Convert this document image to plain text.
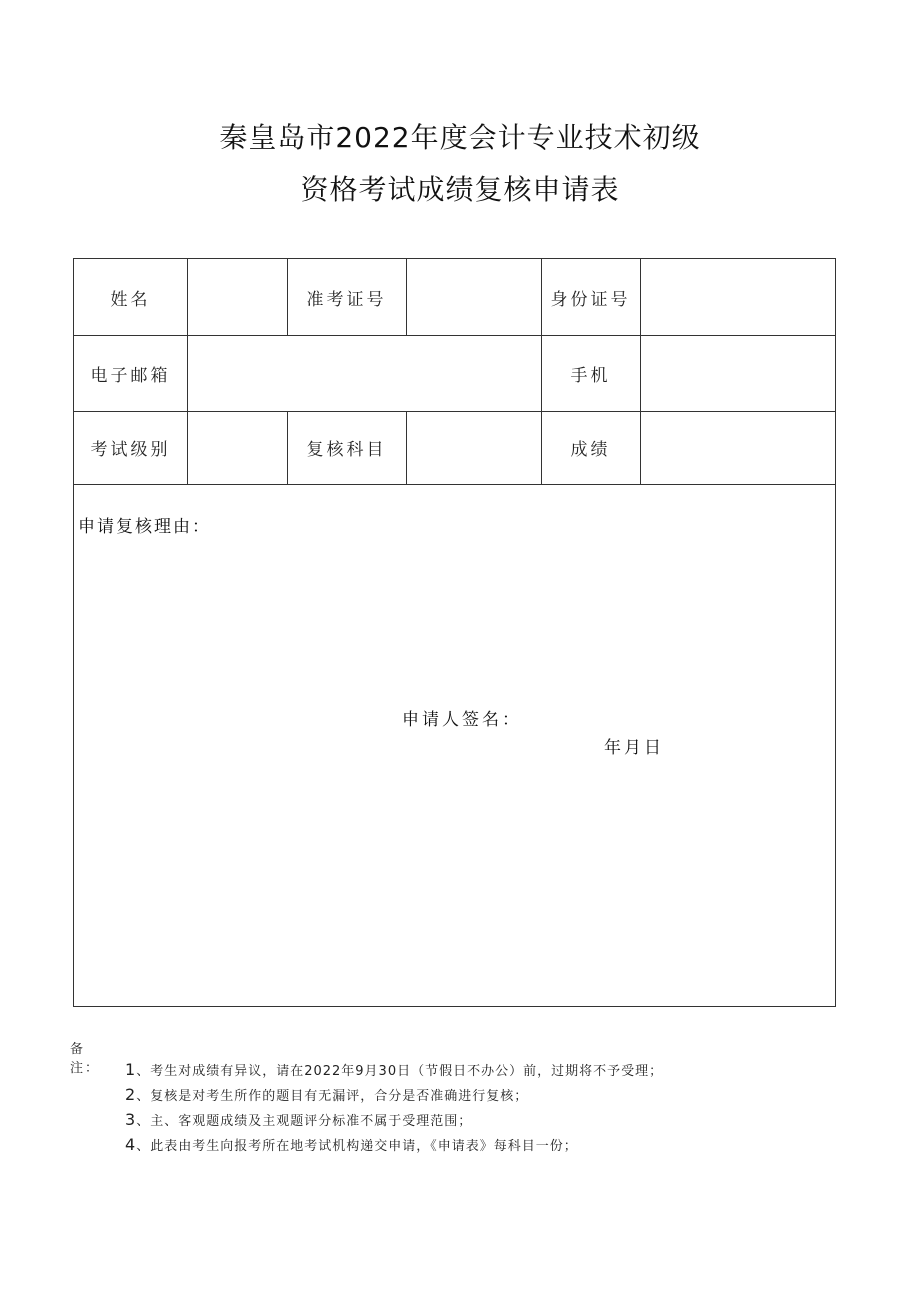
秦皇岛市2022年度会计专业技术初级
资格考试成绩复核申请表
姓名	准考证号	身份证号
电子邮箱	手机
考试级别	复核科目	成绩
申请复核理由：
申请人签名：
年月日
备注： 1、考生对成绩有异议，请在2022年9月30日（节假日不办公）前，过期将不予受理；
2、复核是对考生所作的题目有无漏评，合分是否准确进行复核；
3、主、客观题成绩及主观题评分标准不属于受理范围；
4、此表由考生向报考所在地考试机构递交申请，《申请表》每科目一份；
